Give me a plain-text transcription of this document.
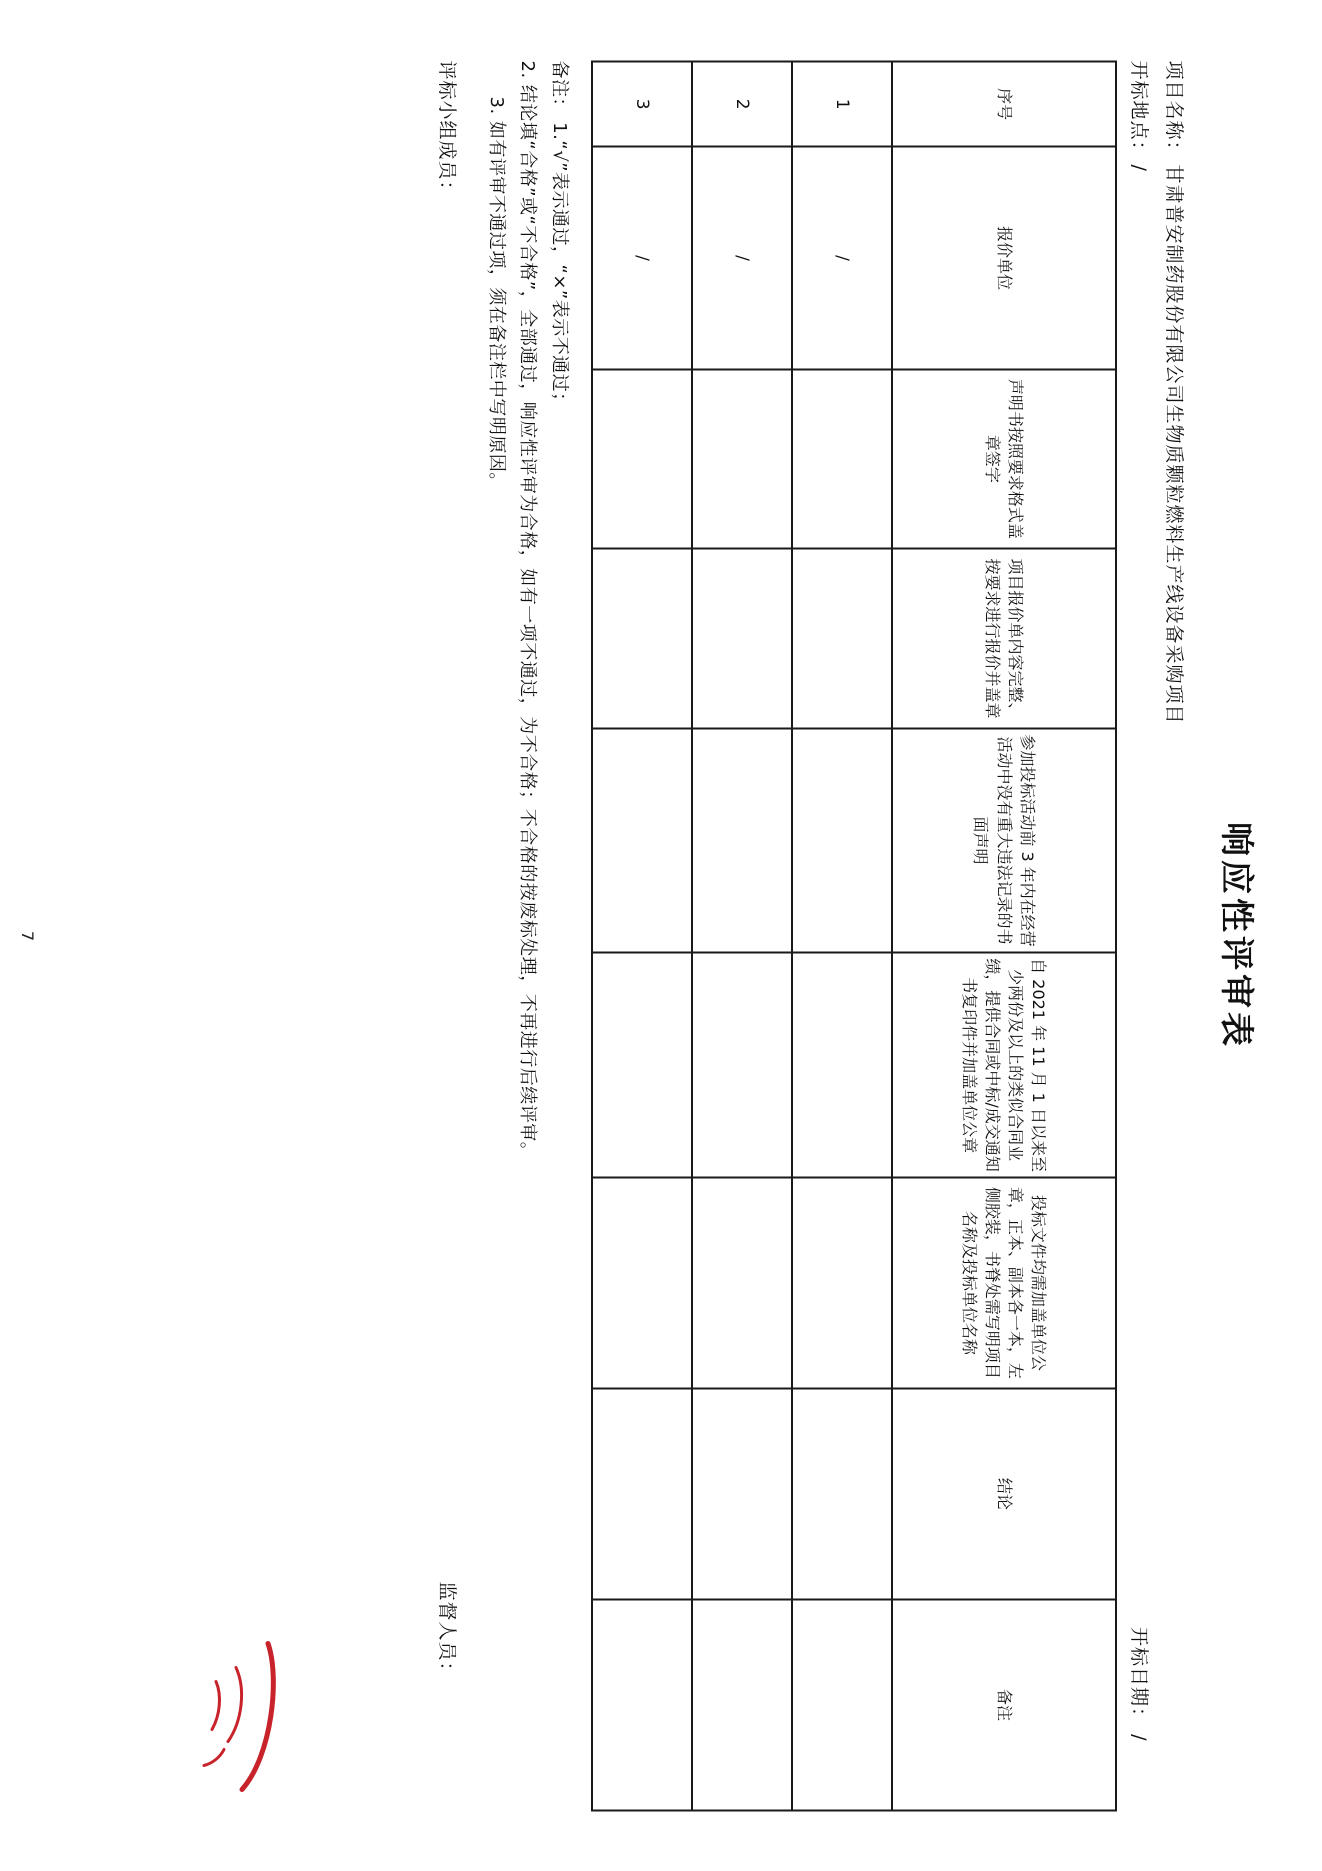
响应性评审表
项目名称：
甘肃普安制药股份有限公司生物质颗粒燃料生产线设备采购项目
开标地点：
/
开标日期： /
序号	报价单位	声明书按照要求格式盖章签字	项目报价单内容完整、按要求进行报价并盖章	参加投标活动前 3 年内在经营活动中没有重大违法记录的书面声明	自 2021 年 11 月 1 日以来至少两份及以上的类似合同业绩，提供合同或中标/成交通知书复印件并加盖单位公章	投标文件均需加盖单位公章，正本、副本各一本，左侧胶装，书脊处需写明项目名称及投标单位名称	结论	备注
1	/							
2	/							
3	/							
备注： 1.“√”表示通过，“×”表示不通过；
2. 结论填“合格”或“不合格”，全部通过，响应性评审为合格，如有一项不通过，为不合格；不合格的按废标处理，不再进行后续评审。
3. 如有评审不通过项，须在备注栏中写明原因。
评标小组成员：
监督人员：
7
